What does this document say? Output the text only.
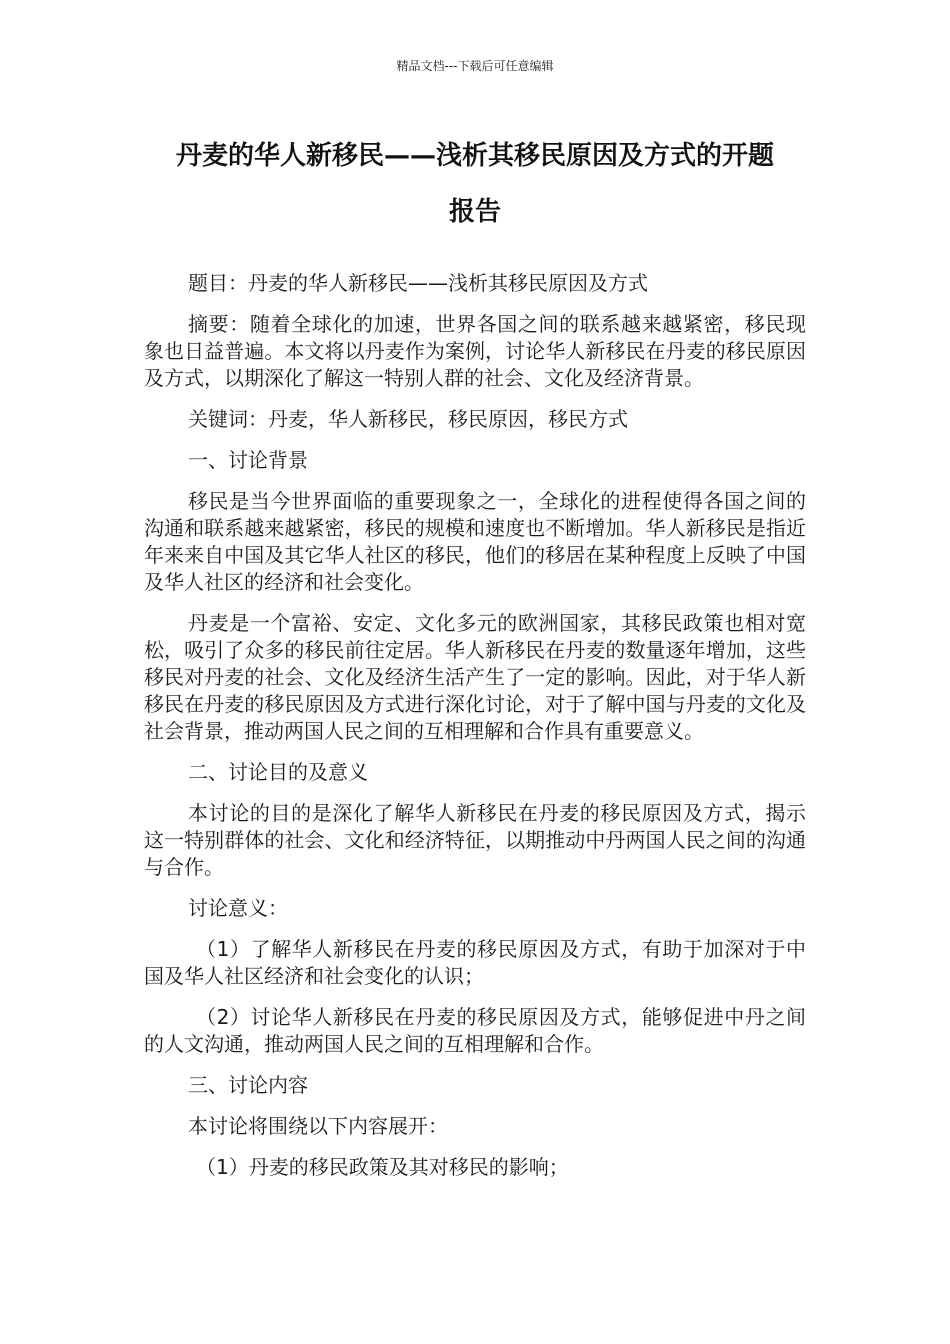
精品文档---下载后可任意编辑
丹麦的华人新移民——浅析其移民原因及方式的开题
报告

题目：丹麦的华人新移民——浅析其移民原因及方式

摘要：随着全球化的加速，世界各国之间的联系越来越紧密，移民现象也日益普遍。本文将以丹麦作为案例，讨论华人新移民在丹麦的移民原因及方式，以期深化了解这一特别人群的社会、文化及经济背景。

关键词：丹麦，华人新移民，移民原因，移民方式

一、讨论背景

移民是当今世界面临的重要现象之一，全球化的进程使得各国之间的沟通和联系越来越紧密，移民的规模和速度也不断增加。华人新移民是指近年来来自中国及其它华人社区的移民，他们的移居在某种程度上反映了中国及华人社区的经济和社会变化。

丹麦是一个富裕、安定、文化多元的欧洲国家，其移民政策也相对宽松，吸引了众多的移民前往定居。华人新移民在丹麦的数量逐年增加，这些移民对丹麦的社会、文化及经济生活产生了一定的影响。因此，对于华人新移民在丹麦的移民原因及方式进行深化讨论，对于了解中国与丹麦的文化及社会背景，推动两国人民之间的互相理解和合作具有重要意义。

二、讨论目的及意义

本讨论的目的是深化了解华人新移民在丹麦的移民原因及方式，揭示这一特别群体的社会、文化和经济特征，以期推动中丹两国人民之间的沟通与合作。

讨论意义：

（1）了解华人新移民在丹麦的移民原因及方式，有助于加深对于中国及华人社区经济和社会变化的认识；

（2）讨论华人新移民在丹麦的移民原因及方式，能够促进中丹之间的人文沟通，推动两国人民之间的互相理解和合作。

三、讨论内容

本讨论将围绕以下内容展开：

（1）丹麦的移民政策及其对移民的影响；
